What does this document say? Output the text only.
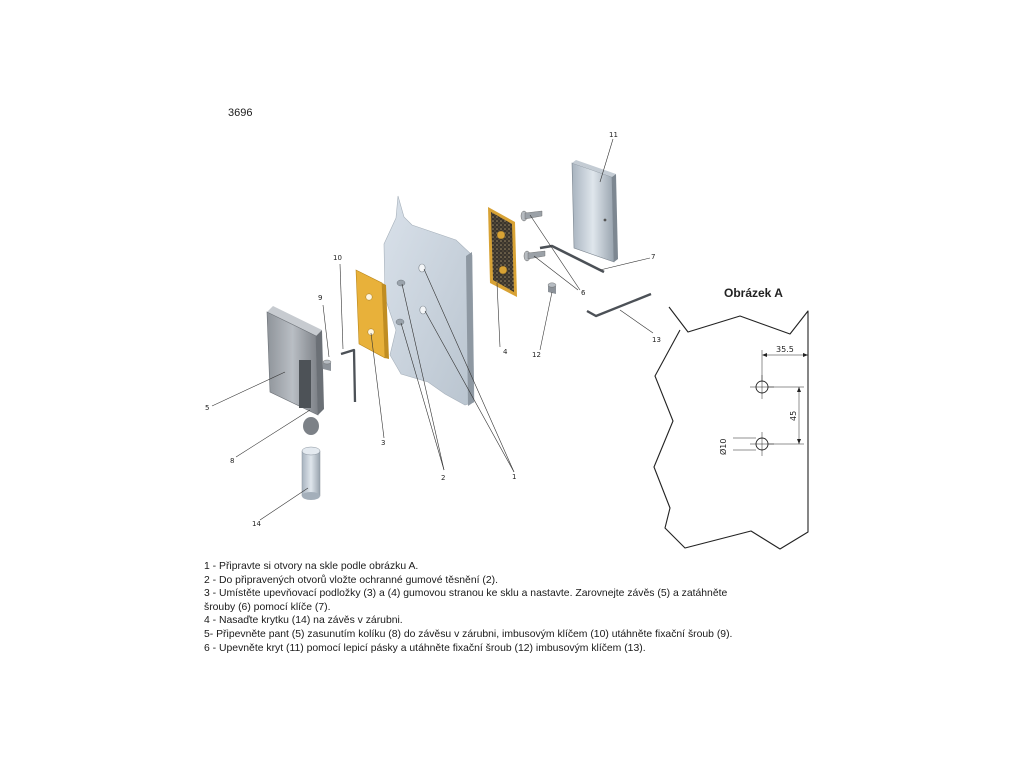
3696
1
2
3
4
5
6
7
8
9
10
11
12
13
14
Obrázek A
35.5
45
Ø10
1 - Připravte si otvory na skle podle obrázku A.
2 - Do připravených otvorů vložte ochranné gumové těsnění (2).
3 - Umístěte upevňovací podložky (3) a (4) gumovou stranou ke sklu a nastavte. Zarovnejte závěs (5) a zatáhněte
šrouby (6) pomocí klíče (7).
4 - Nasaďte krytku (14) na závěs v zárubni.
5- Připevněte pant (5) zasunutím kolíku (8) do závěsu v zárubni, imbusovým klíčem (10) utáhněte fixační šroub (9).
6 - Upevněte kryt (11) pomocí lepicí pásky a utáhněte fixační šroub (12) imbusovým klíčem (13).
